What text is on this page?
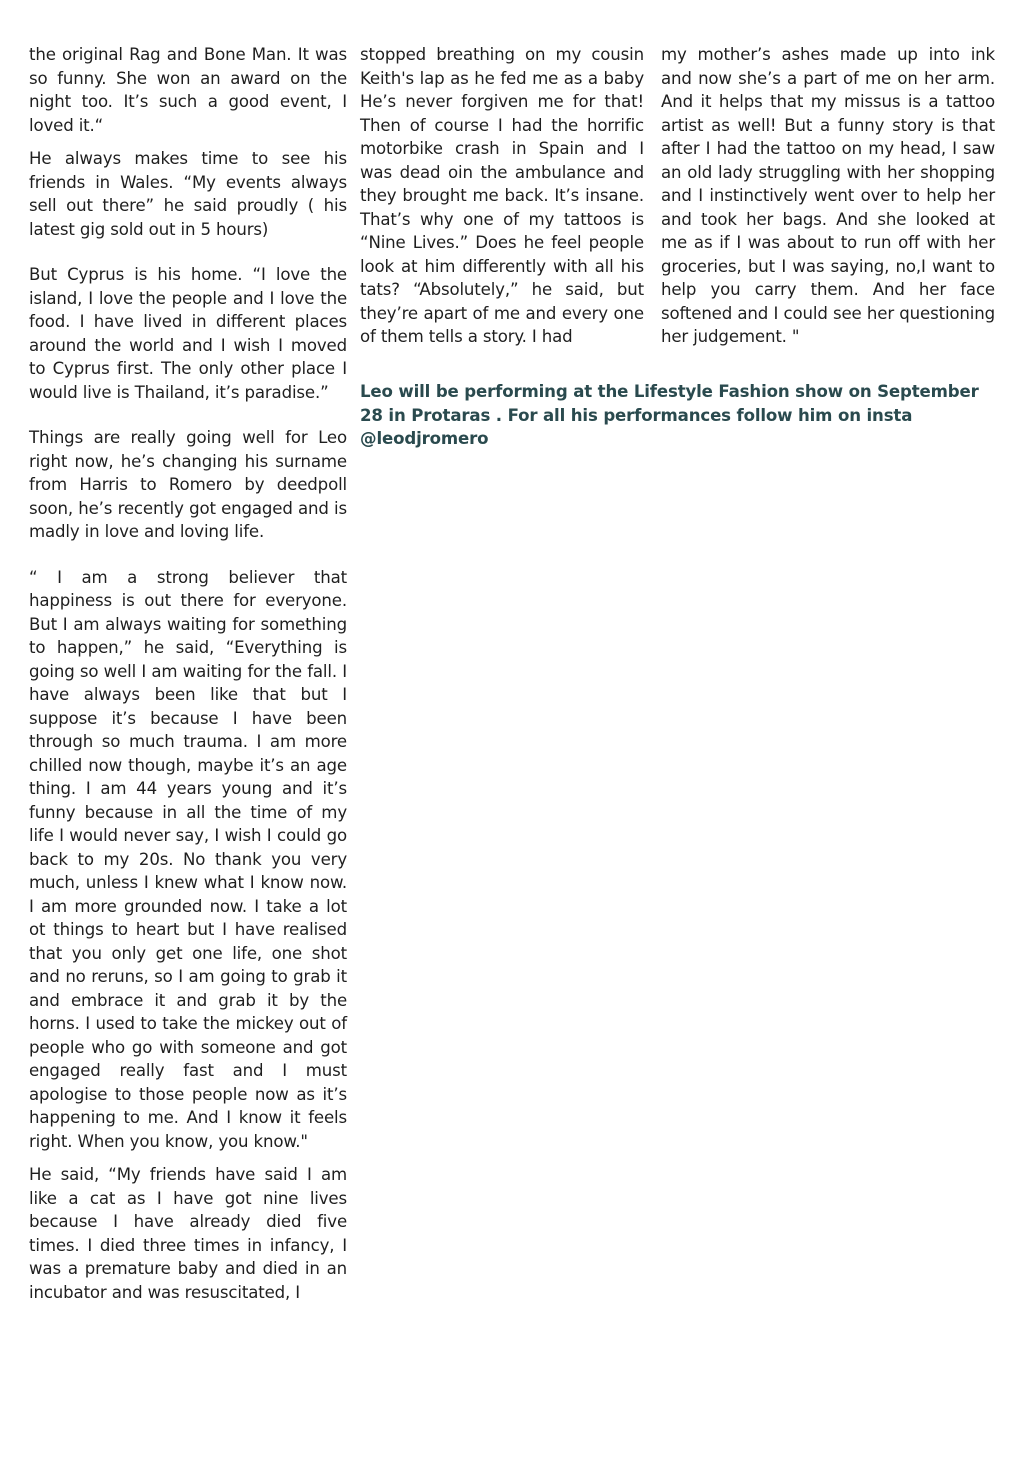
the original Rag and Bone Man. It was so funny. She won an award on the night too. It’s such a good event, I loved it.“

He always makes time to see his friends in Wales. “My events always sell out there” he said proudly ( his latest gig sold out in 5 hours)

But Cyprus is his home. “I love the island, I love the people and I love the food. I have lived in different places around the world and I wish I moved to Cyprus first. The only other place I would live is Thailand, it’s paradise.”

Things are really going well for Leo right now, he’s changing his surname from Harris to Romero by deedpoll soon, he’s recently got engaged and is madly in love and loving life.

“ I am a strong believer that happiness is out there for everyone. But I am always waiting for something to happen,” he said, “Everything is going so well I am waiting for the fall. I have always been like that but I suppose it’s because I have been through so much trauma. I am more chilled now though, maybe it’s an age thing. I am 44 years young and it’s funny because in all the time of my life I would never say, I wish I could go back to my 20s. No thank you very much, unless I knew what I know now. I am more grounded now. I take a lot ot things to heart but I have realised that you only get one life, one shot and no reruns, so I am going to grab it and embrace it and grab it by the horns. I used to take the mickey out of people who go with someone and got engaged really fast and I must apologise to those people now as it’s happening to me. And I know it feels right. When you know, you know."

He said, “My friends have said I am like a cat as I have got nine lives because I have already died five times. I died three times in infancy, I was a premature baby and died in an incubator and was resuscitated, I

stopped breathing on my cousin Keith's lap as he fed me as a baby He’s never forgiven me for that! Then of course I had the horrific motorbike crash in Spain and I was dead oin the ambulance and they brought me back. It’s insane. That’s why one of my tattoos is “Nine Lives.” Does he feel people look at him differently with all his tats? “Absolutely,” he said, but they’re apart of me and every one of them tells a story. I had

my mother’s ashes made up into ink and now she’s a part of me on her arm. And it helps that my missus is a tattoo artist as well! But a funny story is that after I had the tattoo on my head, I saw an old lady struggling with her shopping and I instinctively went over to help her and took her bags. And she looked at me as if I was about to run off with her groceries, but I was saying, no,I want to help you carry them. And her face softened and I could see her questioning her judgement. "

Leo will be performing at the Lifestyle Fashion show on September 28 in Protaras . For all his performances follow him on insta @leodjromero
